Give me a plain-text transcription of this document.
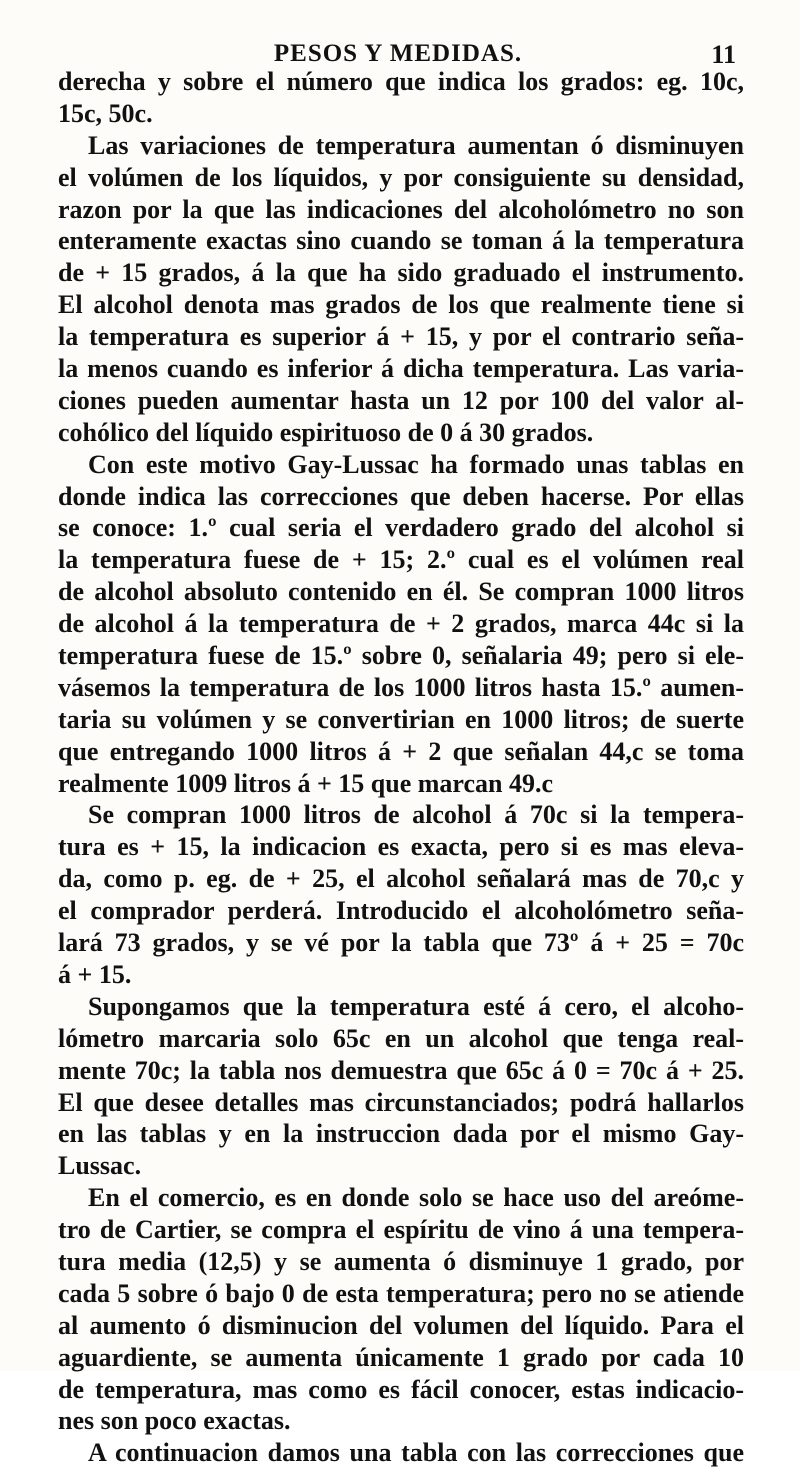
PESOS Y MEDIDAS.	11
derecha y sobre el número que indica los grados: eg. 10c,
15c, 50c.
Las variaciones de temperatura aumentan ó disminuyen
el volúmen de los líquidos, y por consiguiente su densidad,
razon por la que las indicaciones del alcoholómetro no son
enteramente exactas sino cuando se toman á la temperatura
de + 15 grados, á la que ha sido graduado el instrumento.
El alcohol denota mas grados de los que realmente tiene si
la temperatura es superior á + 15, y por el contrario seña-
la menos cuando es inferior á dicha temperatura. Las varia-
ciones pueden aumentar hasta un 12 por 100 del valor al-
cohólico del líquido espirituoso de 0 á 30 grados.
Con este motivo Gay-Lussac ha formado unas tablas en
donde indica las correcciones que deben hacerse. Por ellas
se conoce: 1.º cual seria el verdadero grado del alcohol si
la temperatura fuese de + 15; 2.º cual es el volúmen real
de alcohol absoluto contenido en él. Se compran 1000 litros
de alcohol á la temperatura de + 2 grados, marca 44c si la
temperatura fuese de 15.º sobre 0, señalaria 49; pero si ele-
vásemos la temperatura de los 1000 litros hasta 15.º aumen-
taria su volúmen y se convertirian en 1000 litros; de suerte
que entregando 1000 litros á + 2 que señalan 44,c se toma
realmente 1009 litros á + 15 que marcan 49.c
Se compran 1000 litros de alcohol á 70c si la tempera-
tura es + 15, la indicacion es exacta, pero si es mas eleva-
da, como p. eg. de + 25, el alcohol señalará mas de 70,c y
el comprador perderá. Introducido el alcoholómetro seña-
lará 73 grados, y se vé por la tabla que 73º á + 25 = 70c
á + 15.
Supongamos que la temperatura esté á cero, el alcoho-
lómetro marcaria solo 65c en un alcohol que tenga real-
mente 70c; la tabla nos demuestra que 65c á 0 = 70c á + 25.
El que desee detalles mas circunstanciados; podrá hallarlos
en las tablas y en la instruccion dada por el mismo Gay-
Lussac.
En el comercio, es en donde solo se hace uso del areóme-
tro de Cartier, se compra el espíritu de vino á una tempera-
tura media (12,5) y se aumenta ó disminuye 1 grado, por
cada 5 sobre ó bajo 0 de esta temperatura; pero no se atiende
al aumento ó disminucion del volumen del líquido. Para el
aguardiente, se aumenta únicamente 1 grado por cada 10
de temperatura, mas como es fácil conocer, estas indicacio-
nes son poco exactas.
A continuacion damos una tabla con las correcciones que
